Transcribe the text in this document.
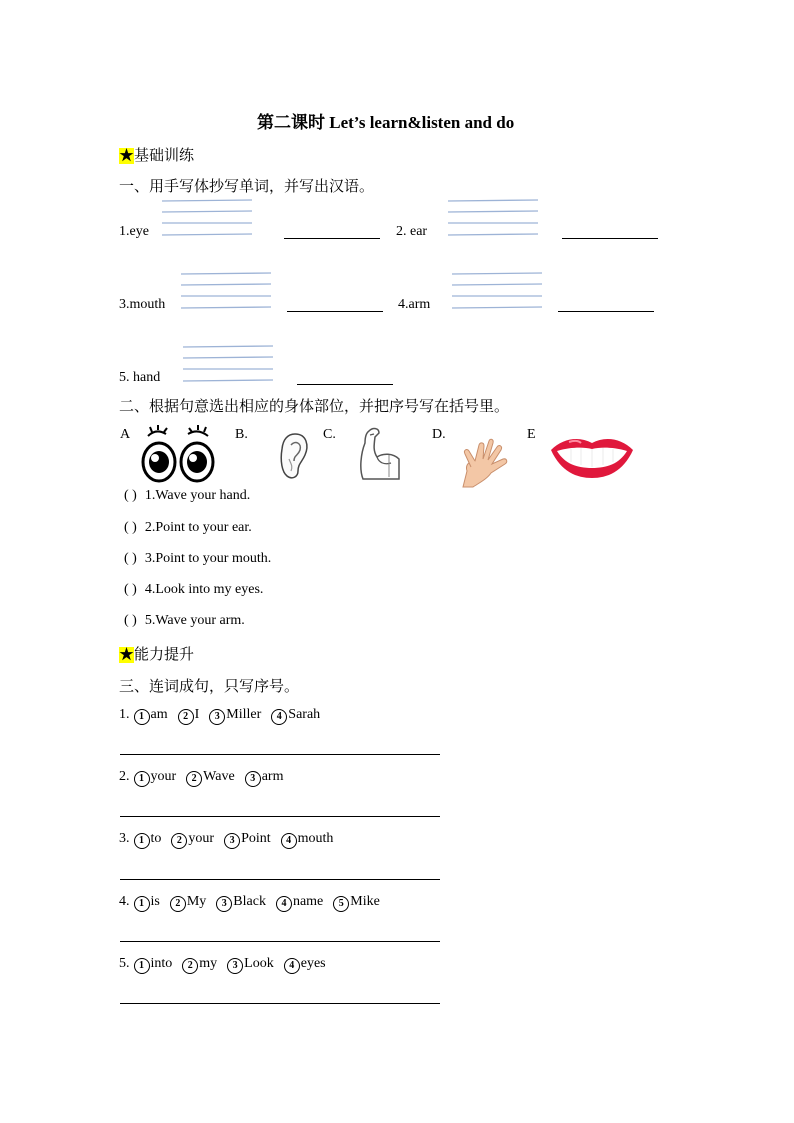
第二课时 Let’s learn&listen and do
★基础训练
一、用手写体抄写单词，并写出汉语。
1.eye	2. ear
3.mouth	4.arm
5. hand
二、根据句意选出相应的身体部位，并把序号写在括号里。
A	B.	C.	D.	E
( ) 1.Wave your hand.
( ) 2.Point to your ear.
( ) 3.Point to your mouth.
( ) 4.Look into my eyes.
( ) 5.Wave your arm.
★能力提升
三、连词成句，只写序号。
1. 1 am 2 I 3 Miller 4 Sarah
2. 1 your 2 Wave 3 arm
3. 1 to 2 your 3 Point 4 mouth
4. 1 is 2 My 3 Black 4 name 5 Mike
5. 1 into 2 my 3 Look 4 eyes
